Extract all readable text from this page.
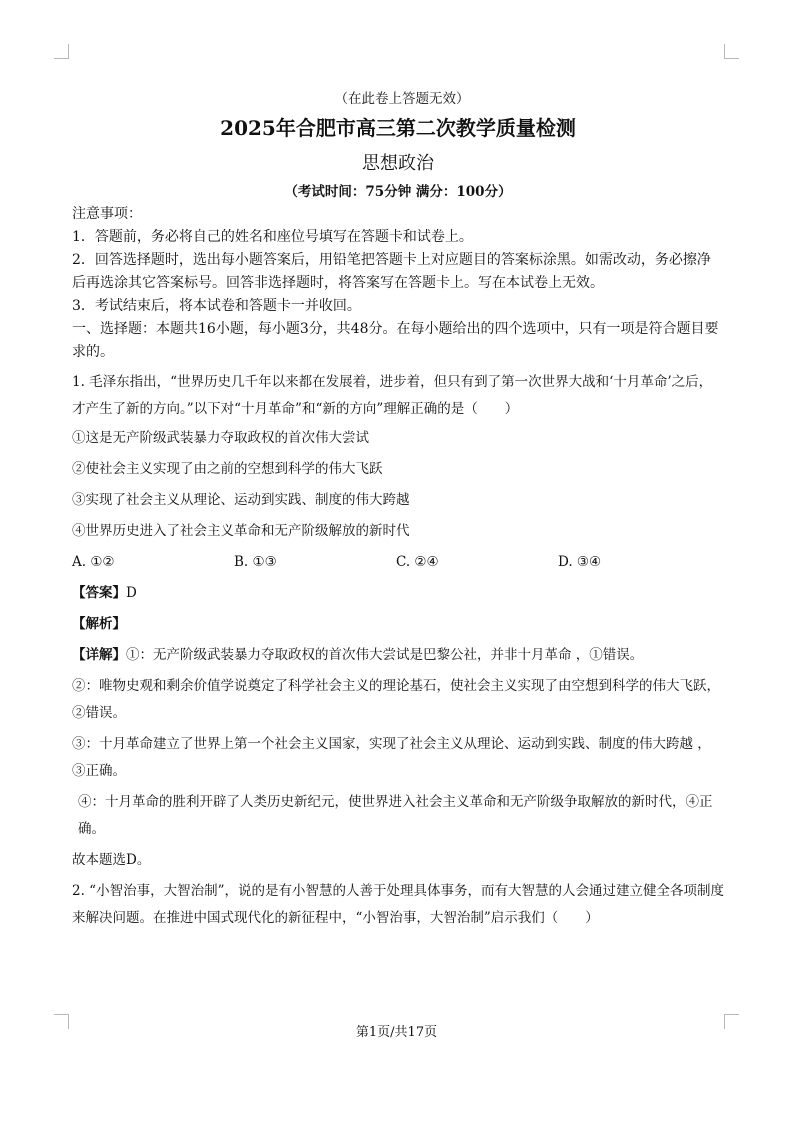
（在此卷上答题无效）
2025年合肥市高三第二次教学质量检测
思想政治
（考试时间：75分钟 满分：100分）

注意事项：

1．答题前，务必将自己的姓名和座位号填写在答题卡和试卷上。

2．回答选择题时，选出每小题答案后，用铅笔把答题卡上对应题目的答案标涂黑。如需改动，务必擦净后再选涂其它答案标号。回答非选择题时，将答案写在答题卡上。写在本试卷上无效。

3．考试结束后，将本试卷和答题卡一并收回。

一、选择题：本题共16小题，每小题3分，共48分。在每小题给出的四个选项中，只有一项是符合题目要求的。

1. 毛泽东指出，“世界历史几千年以来都在发展着，进步着，但只有到了第一次世界大战和‘十月革命’之后，才产生了新的方向。”以下对“十月革命”和“新的方向”理解正确的是（　　）

①这是无产阶级武装暴力夺取政权的首次伟大尝试

②使社会主义实现了由之前的空想到科学的伟大飞跃

③实现了社会主义从理论、运动到实践、制度的伟大跨越

④世界历史进入了社会主义革命和无产阶级解放的新时代

A. ①②	B. ①③	C. ②④	D. ③④

【答案】D

【解析】

【详解】①：无产阶级武装暴力夺取政权的首次伟大尝试是巴黎公社，并非十月革命 ，①错误。

②：唯物史观和剩余价值学说奠定了科学社会主义的理论基石，使社会主义实现了由空想到科学的伟大飞跃，②错误。

③：十月革命建立了世界上第一个社会主义国家，实现了社会主义从理论、运动到实践、制度的伟大跨越 ，③正确。

④：十月革命的胜利开辟了人类历史新纪元，使世界进入社会主义革命和无产阶级争取解放的新时代，④正确。

故本题选D。

2. “小智治事，大智治制”，说的是有小智慧的人善于处理具体事务，而有大智慧的人会通过建立健全各项制度来解决问题。在推进中国式现代化的新征程中，“小智治事，大智治制”启示我们（　　）

第1页/共17页
